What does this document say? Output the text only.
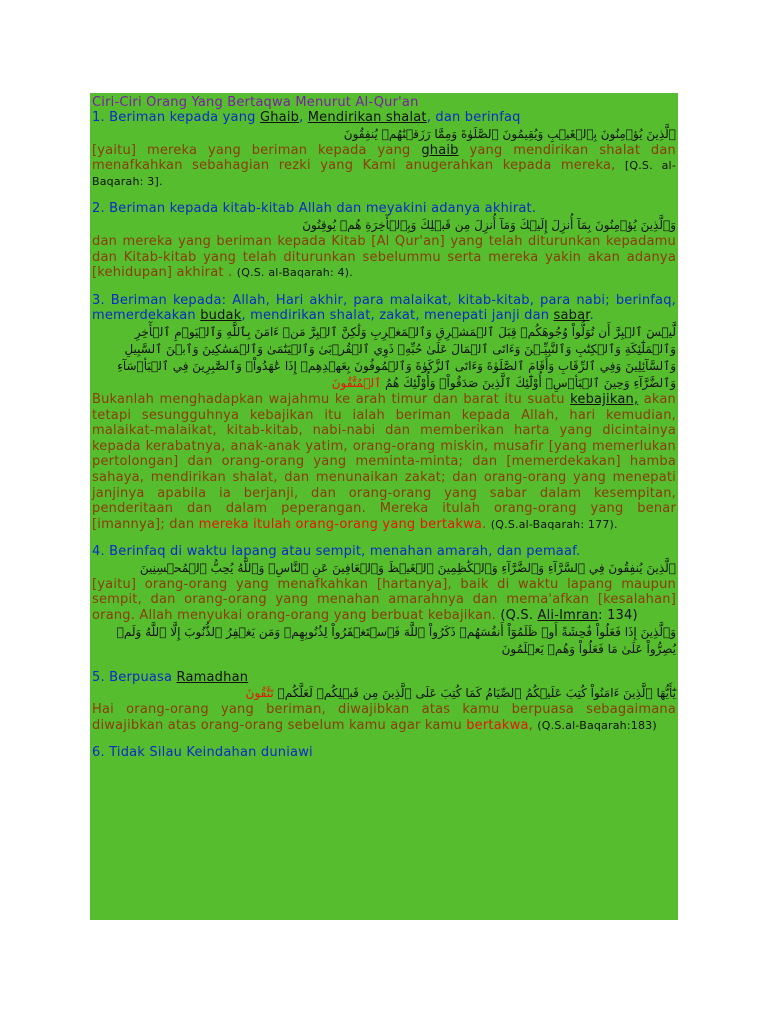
Ciri-Ciri Orang Yang Bertaqwa Menurut Al-Qur'an
1. Beriman kepada yang Ghaib, Mendirikan shalat, dan berinfaq
ٱلَّذِينَ يُؤۡمِنُونَ بِٱلۡغَيۡبِ وَيُقِيمُونَ ٱلصَّلَوٰةَ وَمِمَّا رَزَقۡنَٰهُمۡ يُنفِقُونَ
[yaitu] mereka yang beriman kepada yang ghaib yang mendirikan shalat dan menafkahkan sebahagian rezki yang Kami anugerahkan kepada mereka, [Q.S. al-Baqarah: 3].
2. Beriman kepada kitab-kitab Allah dan meyakini adanya akhirat.
وَٱلَّذِينَ يُؤۡمِنُونَ بِمَآ أُنزِلَ إِلَيۡكَ وَمَآ أُنزِلَ مِن قَبۡلِكَ وَبِٱلۡأٓخِرَةِ هُمۡ يُوقِنُونَ
dan mereka yang beriman kepada Kitab [Al Qur'an] yang telah diturunkan kepadamu dan Kitab-kitab yang telah diturunkan sebelummu serta mereka yakin akan adanya [kehidupan] akhirat . (Q.S. al-Baqarah: 4).
3. Beriman kepada: Allah, Hari akhir, para malaikat, kitab-kitab, para nabi; berinfaq, memerdekakan budak, mendirikan shalat, zakat, menepati janji dan sabar.
لَّيۡسَ ٱلۡبِرَّ أَن تُوَلُّواْ وُجُوهَكُمۡ قِبَلَ ٱلۡمَشۡرِقِ وَٱلۡمَغۡرِبِ وَلَٰكِنَّ ٱلۡبِرَّ مَنۡ ءَامَنَ بِٱللَّهِ وَٱلۡيَوۡمِ ٱلۡأٓخِرِ وَٱلۡمَلَٰٓئِكَةِ وَٱلۡكِتَٰبِ وَٱلنَّبِيِّـۧنَ وَءَاتَى ٱلۡمَالَ عَلَىٰ حُبِّهِۦ ذَوِي ٱلۡقُرۡبَىٰ وَٱلۡيَتَٰمَىٰ وَٱلۡمَسَٰكِينَ وَٱبۡنَ ٱلسَّبِيلِ وَٱلسَّآئِلِينَ وَفِي ٱلرِّقَابِ وَأَقَامَ ٱلصَّلَوٰةَ وَءَاتَى ٱلزَّكَوٰةَ وَٱلۡمُوفُونَ بِعَهۡدِهِمۡ إِذَا عَٰهَدُواْۖ وَٱلصَّٰبِرِينَ فِي ٱلۡبَأۡسَآءِ وَٱلضَّرَّآءِ وَحِينَ ٱلۡبَأۡسِۗ أُوْلَٰٓئِكَ ٱلَّذِينَ صَدَقُواْۖ وَأُوْلَٰٓئِكَ هُمُ ٱلۡمُتَّقُونَ
Bukanlah menghadapkan wajahmu ke arah timur dan barat itu suatu kebajikan, akan tetapi sesungguhnya kebajikan itu ialah beriman kepada Allah, hari kemudian, malaikat-malaikat, kitab-kitab, nabi-nabi dan memberikan harta yang dicintainya kepada kerabatnya, anak-anak yatim, orang-orang miskin, musafir [yang memerlukan pertolongan] dan orang-orang yang meminta-minta; dan [memerdekakan] hamba sahaya, mendirikan shalat, dan menunaikan zakat; dan orang-orang yang menepati janjinya apabila ia berjanji, dan orang-orang yang sabar dalam kesempitan, penderitaan dan dalam peperangan. Mereka itulah orang-orang yang benar [imannya]; dan mereka itulah orang-orang yang bertakwa. (Q.S.al-Baqarah: 177).
4. Berinfaq di waktu lapang atau sempit, menahan amarah, dan pemaaf.
ٱلَّذِينَ يُنفِقُونَ فِي ٱلسَّرَّآءِ وَٱلضَّرَّآءِ وَٱلۡكَٰظِمِينَ ٱلۡغَيۡظَ وَٱلۡعَافِينَ عَنِ ٱلنَّاسِۗ وَٱللَّهُ يُحِبُّ ٱلۡمُحۡسِنِينَ
[yaitu] orang-orang yang menafkahkan [hartanya], baik di waktu lapang maupun sempit, dan orang-orang yang menahan amarahnya dan mema'afkan [kesalahan] orang. Allah menyukai orang-orang yang berbuat kebajikan. (Q.S. Ali-Imran: 134)
وَٱلَّذِينَ إِذَا فَعَلُواْ فَٰحِشَةً أَوۡ ظَلَمُوٓاْ أَنفُسَهُمۡ ذَكَرُواْ ٱللَّهَ فَٱسۡتَغۡفَرُواْ لِذُنُوبِهِمۡ وَمَن يَغۡفِرُ ٱلذُّنُوبَ إِلَّا ٱللَّهُ وَلَمۡ يُصِرُّواْ عَلَىٰ مَا فَعَلُواْ وَهُمۡ يَعۡلَمُونَ
5. Berpuasa Ramadhan
يَٰٓأَيُّهَا ٱلَّذِينَ ءَامَنُواْ كُتِبَ عَلَيۡكُمُ ٱلصِّيَامُ كَمَا كُتِبَ عَلَى ٱلَّذِينَ مِن قَبۡلِكُمۡ لَعَلَّكُمۡ تَتَّقُونَ
Hai orang-orang yang beriman, diwajibkan atas kamu berpuasa sebagaimana diwajibkan atas orang-orang sebelum kamu agar kamu bertakwa, (Q.S.al-Baqarah:183)
6. Tidak Silau Keindahan duniawi
